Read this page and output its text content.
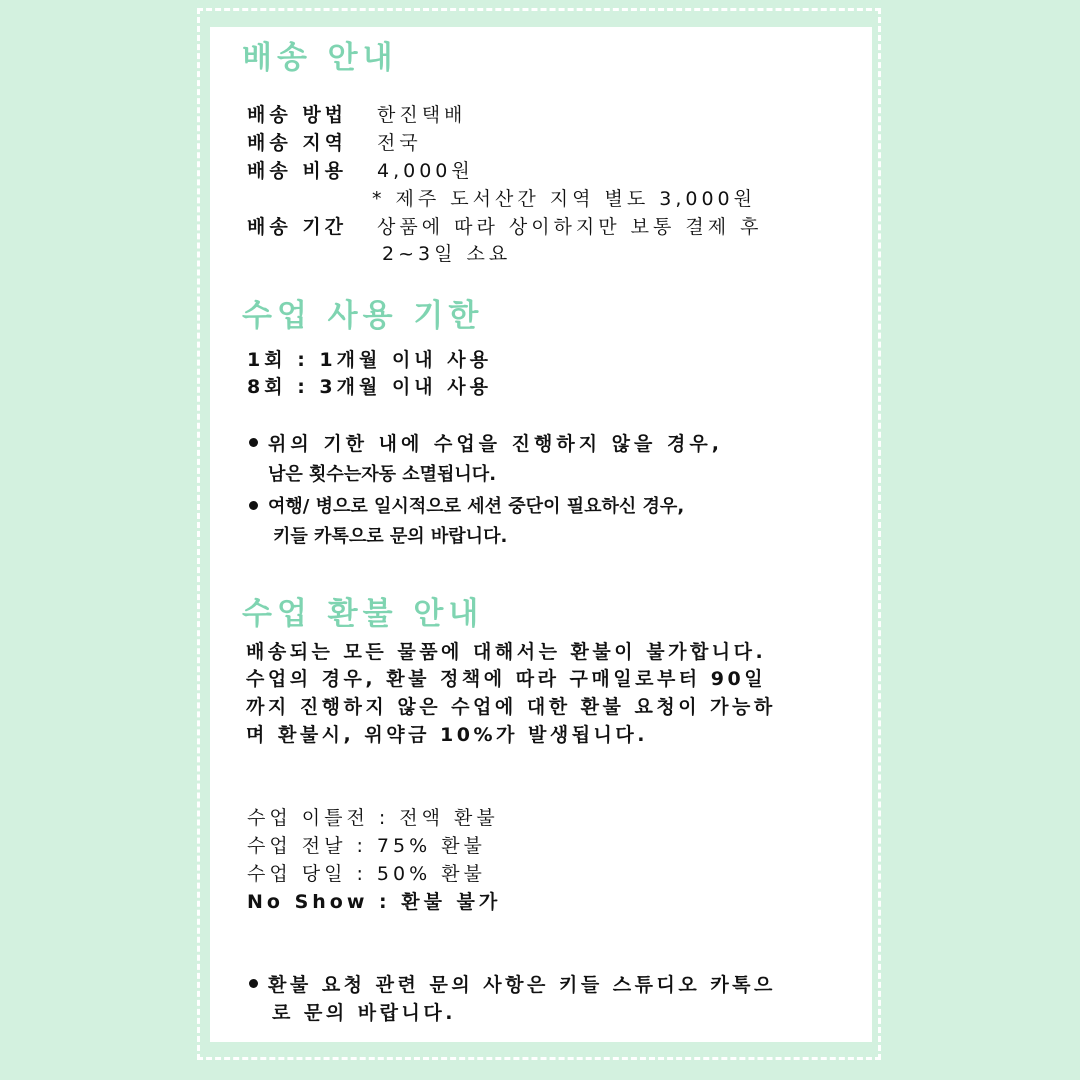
배송 안내
배송 방법 한진택배
배송 지역 전국
배송 비용 4,000원
* 제주 도서산간 지역 별도 3,000원
배송 기간 상품에 따라 상이하지만 보통 결제 후
2~3일 소요
수업 사용 기한
1회 : 1개월 이내 사용
8회 : 3개월 이내 사용
위의 기한 내에 수업을 진행하지 않을 경우,
남은 횟수는자동 소멸됩니다.
여행/ 병으로 일시적으로 세션 중단이 필요하신 경우,
키들 카톡으로 문의 바랍니다.
수업 환불 안내
배송되는 모든 물품에 대해서는 환불이 불가합니다.
수업의 경우, 환불 정책에 따라 구매일로부터 90일
까지 진행하지 않은 수업에 대한 환불 요청이 가능하
며 환불시, 위약금 10%가 발생됩니다.
수업 이틀전 : 전액 환불
수업 전날 : 75% 환불
수업 당일 : 50% 환불
No Show : 환불 불가
환불 요청 관련 문의 사항은 키들 스튜디오 카톡으
로 문의 바랍니다.
